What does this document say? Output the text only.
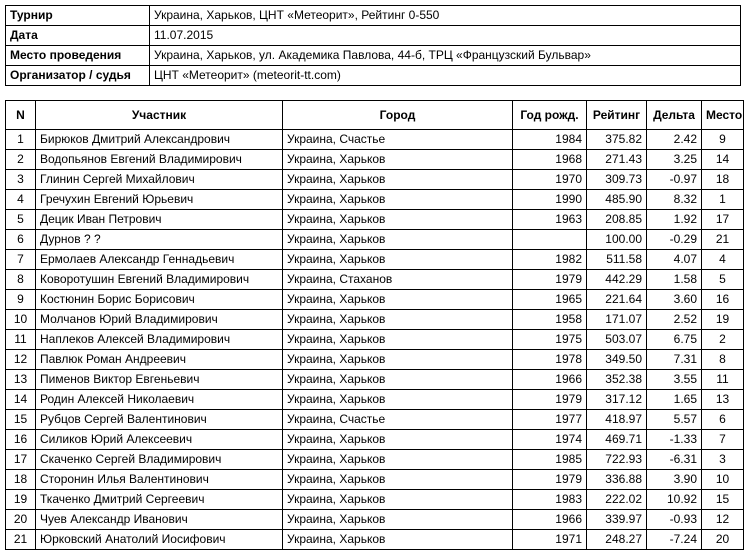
Турнир	Украина, Харьков, ЦНТ «Метеорит», Рейтинг 0-550
Дата	11.07.2015
Место проведения	Украина, Харьков, ул. Академика Павлова, 44-б, ТРЦ «Французский Бульвар»
Организатор / судья	ЦНТ «Метеорит» (meteorit-tt.com)
N	Участник	Город	Год рожд.	Рейтинг	Дельта	Место
1	Бирюков Дмитрий Александрович	Украина, Счастье	1984	375.82	2.42	9
2	Водопьянов Евгений Владимирович	Украина, Харьков	1968	271.43	3.25	14
3	Глинин Сергей Михайлович	Украина, Харьков	1970	309.73	-0.97	18
4	Гречухин Евгений Юрьевич	Украина, Харьков	1990	485.90	8.32	1
5	Децик Иван Петрович	Украина, Харьков	1963	208.85	1.92	17
6	Дурнов ? ?	Украина, Харьков		100.00	-0.29	21
7	Ермолаев Александр Геннадьевич	Украина, Харьков	1982	511.58	4.07	4
8	Коворотушин Евгений Владимирович	Украина, Стаханов	1979	442.29	1.58	5
9	Костюнин Борис Борисович	Украина, Харьков	1965	221.64	3.60	16
10	Молчанов Юрий Владимирович	Украина, Харьков	1958	171.07	2.52	19
11	Наплеков Алексей Владимирович	Украина, Харьков	1975	503.07	6.75	2
12	Павлюк Роман Андреевич	Украина, Харьков	1978	349.50	7.31	8
13	Пименов Виктор Евгеньевич	Украина, Харьков	1966	352.38	3.55	11
14	Родин Алексей Николаевич	Украина, Харьков	1979	317.12	1.65	13
15	Рубцов Сергей Валентинович	Украина, Счастье	1977	418.97	5.57	6
16	Силиков Юрий Алексеевич	Украина, Харьков	1974	469.71	-1.33	7
17	Скаченко Сергей Владимирович	Украина, Харьков	1985	722.93	-6.31	3
18	Сторонин Илья Валентинович	Украина, Харьков	1979	336.88	3.90	10
19	Ткаченко Дмитрий Сергеевич	Украина, Харьков	1983	222.02	10.92	15
20	Чуев Александр Иванович	Украина, Харьков	1966	339.97	-0.93	12
21	Юрковский Анатолий Иосифович	Украина, Харьков	1971	248.27	-7.24	20
